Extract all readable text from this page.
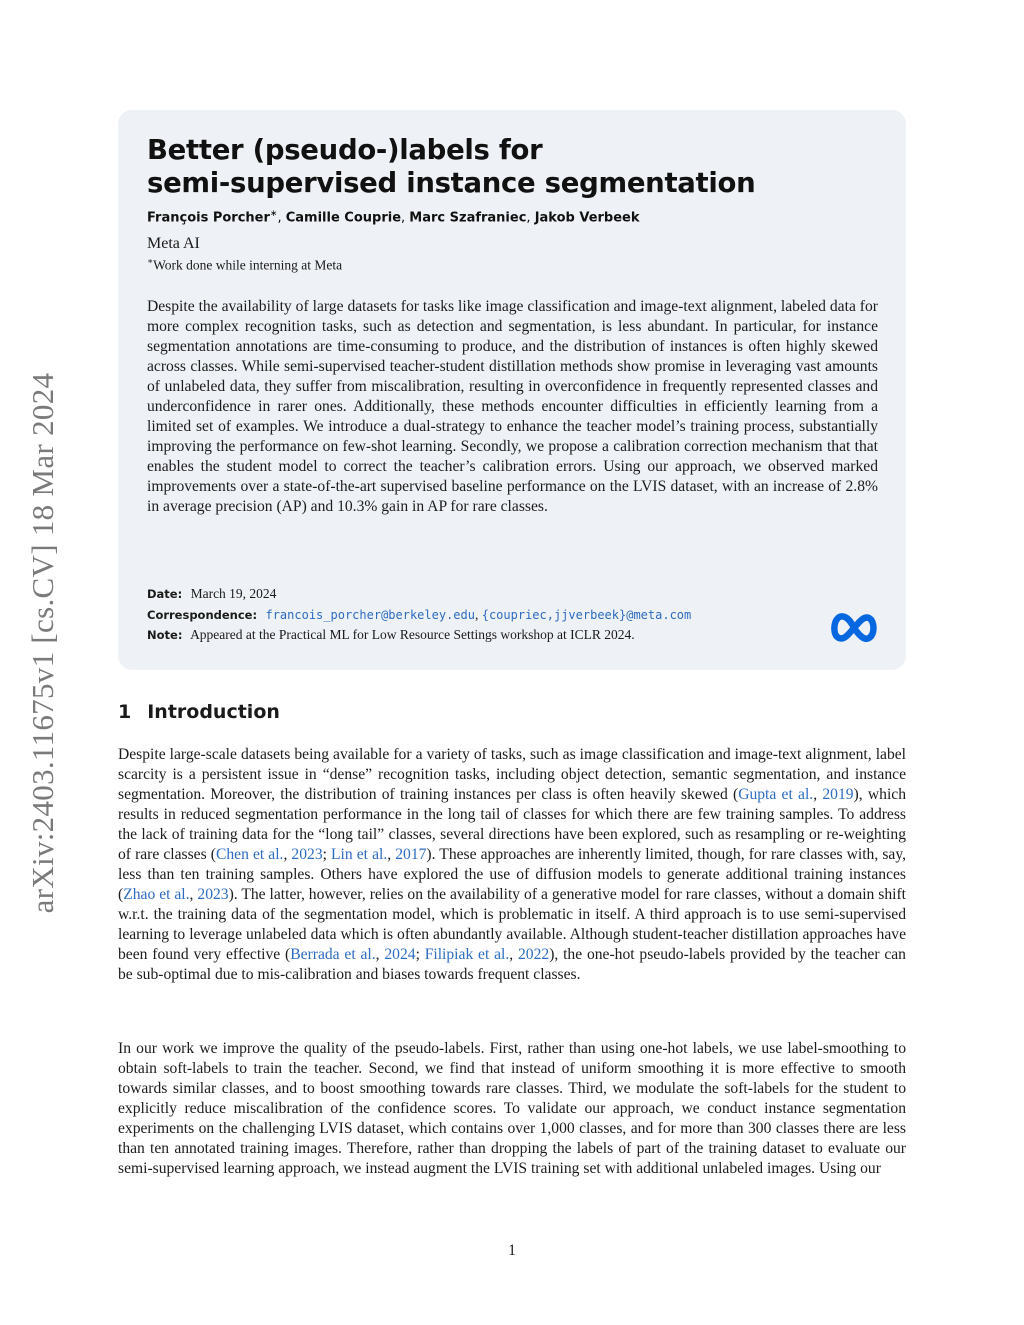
arXiv:2403.11675v1 [cs.CV] 18 Mar 2024
Better (pseudo-)labels for
semi-supervised instance segmentation
François Porcher∗, Camille Couprie, Marc Szafraniec, Jakob Verbeek
Meta AI
∗Work done while interning at Meta
Despite the availability of large datasets for tasks like image classification and image-text alignment, labeled data for more complex recognition tasks, such as detection and segmentation, is less abundant. In particular, for instance segmentation annotations are time-consuming to produce, and the distribution of instances is often highly skewed across classes. While semi-supervised teacher-student distillation methods show promise in leveraging vast amounts of unlabeled data, they suffer from miscalibration, resulting in overconfidence in frequently represented classes and underconfidence in rarer ones. Additionally, these methods encounter difficulties in efficiently learning from a limited set of examples. We introduce a dual-strategy to enhance the teacher model’s training process, substantially improving the performance on few-shot learning. Secondly, we propose a calibration correction mechanism that that enables the student model to correct the teacher’s calibration errors. Using our approach, we observed marked improvements over a state-of-the-art supervised baseline performance on the LVIS dataset, with an increase of 2.8% in average precision (AP) and 10.3% gain in AP for rare classes.
Date: March 19, 2024
Correspondence: francois_porcher@berkeley.edu, {coupriec,jjverbeek}@meta.com
Note: Appeared at the Practical ML for Low Resource Settings workshop at ICLR 2024.
1 Introduction
Despite large-scale datasets being available for a variety of tasks, such as image classification and image-text alignment, label scarcity is a persistent issue in “dense” recognition tasks, including object detection, semantic segmentation, and instance segmentation. Moreover, the distribution of training instances per class is often heavily skewed (Gupta et al., 2019), which results in reduced segmentation performance in the long tail of classes for which there are few training samples. To address the lack of training data for the “long tail” classes, several directions have been explored, such as resampling or re-weighting of rare classes (Chen et al., 2023; Lin et al., 2017). These approaches are inherently limited, though, for rare classes with, say, less than ten training samples. Others have explored the use of diffusion models to generate additional training instances (Zhao et al., 2023). The latter, however, relies on the availability of a generative model for rare classes, without a domain shift w.r.t. the training data of the segmentation model, which is problematic in itself. A third approach is to use semi-supervised learning to leverage unlabeled data which is often abundantly available. Although student-teacher distillation approaches have been found very effective (Berrada et al., 2024; Filipiak et al., 2022), the one-hot pseudo-labels provided by the teacher can be sub-optimal due to mis-calibration and biases towards frequent classes.
In our work we improve the quality of the pseudo-labels. First, rather than using one-hot labels, we use label-smoothing to obtain soft-labels to train the teacher. Second, we find that instead of uniform smoothing it is more effective to smooth towards similar classes, and to boost smoothing towards rare classes. Third, we modulate the soft-labels for the student to explicitly reduce miscalibration of the confidence scores. To validate our approach, we conduct instance segmentation experiments on the challenging LVIS dataset, which contains over 1,000 classes, and for more than 300 classes there are less than ten annotated training images. Therefore, rather than dropping the labels of part of the training dataset to evaluate our semi-supervised learning approach, we instead augment the LVIS training set with additional unlabeled images. Using our
1
